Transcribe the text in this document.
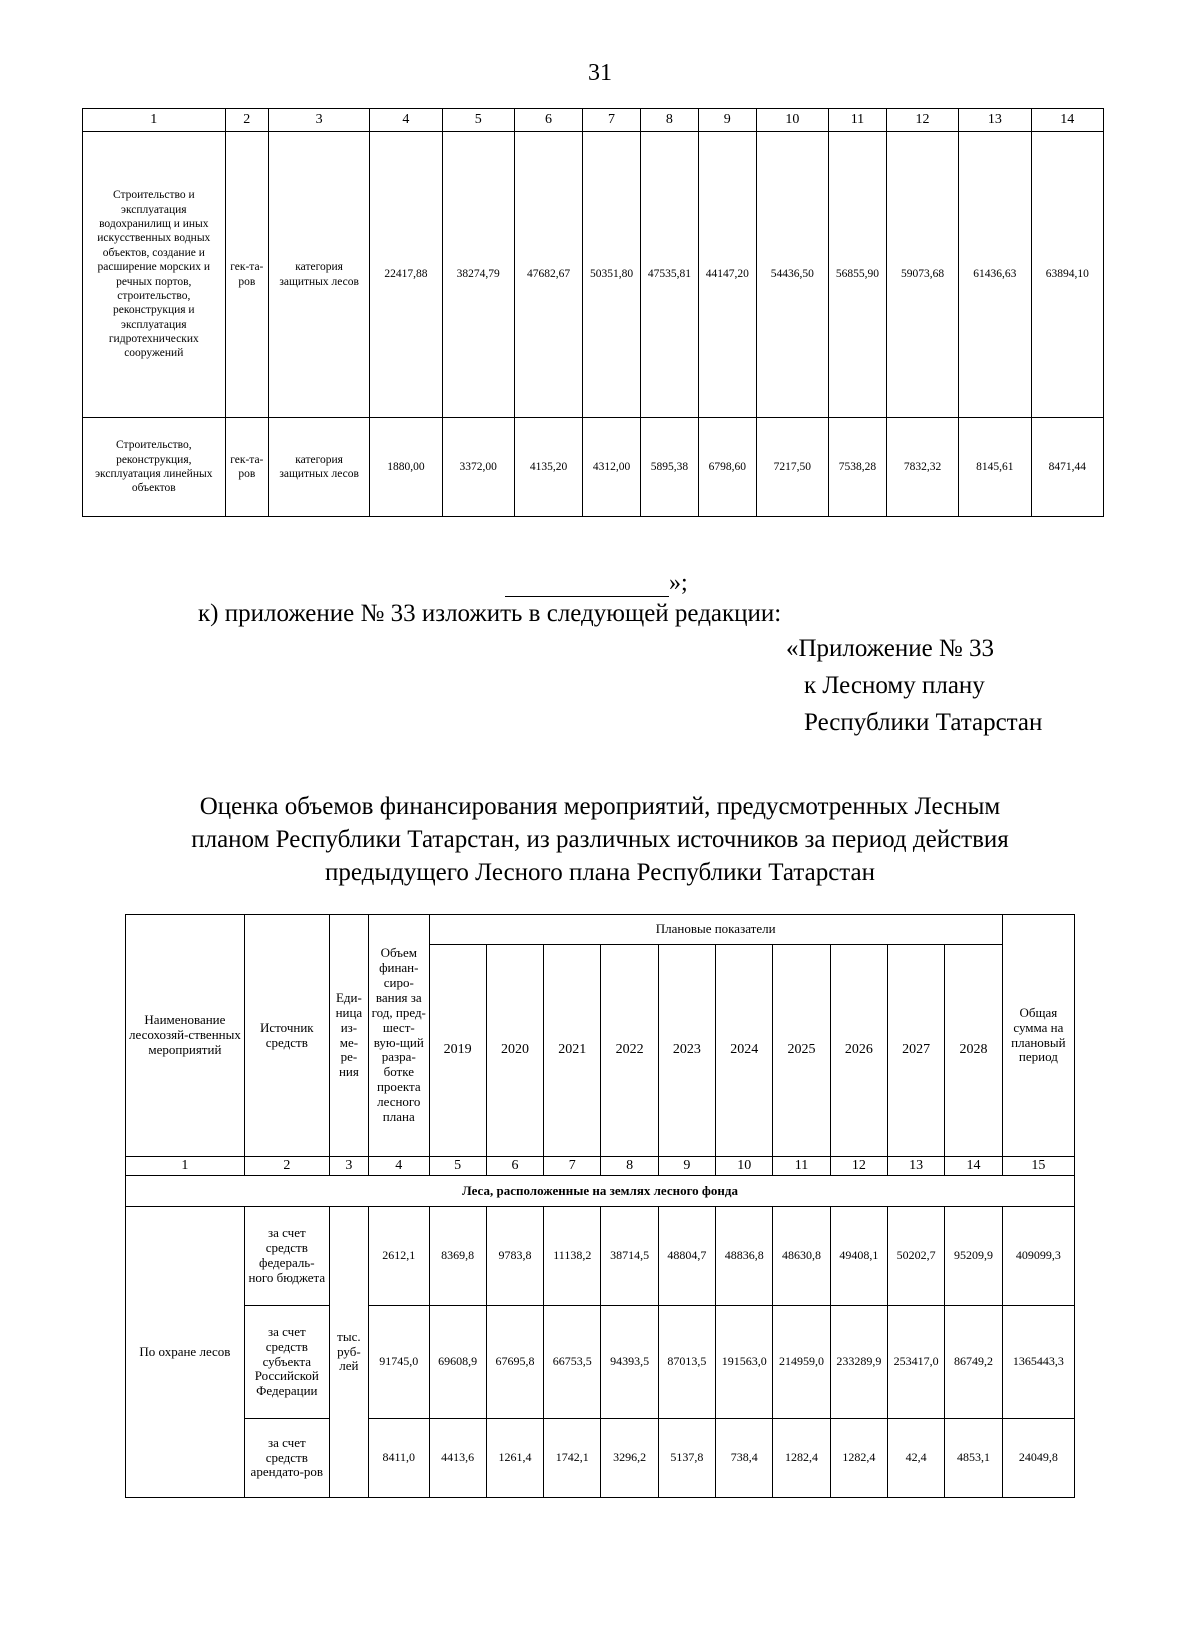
31
1	2	3	4	5	6	7	8	9	10	11	12	13	14
Строительство и эксплуатация водохранилищ и иных искусственных водных объектов, создание и расширение морских и речных портов, строительство, реконструкция и эксплуатация гидротехнических сооружений	гек-та-ров	категория защитных лесов	22417,88	38274,79	47682,67	50351,80	47535,81	44147,20	54436,50	56855,90	59073,68	61436,63	63894,10
Строительство, реконструкция, эксплуатация линейных объектов	гек-та-ров	категория защитных лесов	1880,00	3372,00	4135,20	4312,00	5895,38	6798,60	7217,50	7538,28	7832,32	8145,61	8471,44
»;
к) приложение № 33 изложить в следующей редакции:
«Приложение № 33
к Лесному плану
Республики Татарстан
Оценка объемов финансирования мероприятий, предусмотренных Лесным
планом Республики Татарстан, из различных источников за период действия
предыдущего Лесного плана Республики Татарстан
Наименование лесохозяй-ственных мероприятий	Источник средств	Еди-ница из-ме-ре-ния	Объем финан-сиро-вания за год, пред-шест-вую-щий разра-ботке проекта лесного плана	Плановые показатели										Общая сумма на плановый период
				2019	2020	2021	2022	2023	2024	2025	2026	2027	2028	
1	2	3	4	5	6	7	8	9	10	11	12	13	14	15
Леса, расположенные на землях лесного фонда														
По охране лесов	за счет средств федераль-ного бюджета	тыс. руб-лей	2612,1	8369,8	9783,8	11138,2	38714,5	48804,7	48836,8	48630,8	49408,1	50202,7	95209,9	409099,3
	за счет средств субъекта Российской Федерации		91745,0	69608,9	67695,8	66753,5	94393,5	87013,5	191563,0	214959,0	233289,9	253417,0	86749,2	1365443,3
	за счет средств арендато-ров		8411,0	4413,6	1261,4	1742,1	3296,2	5137,8	738,4	1282,4	1282,4	42,4	4853,1	24049,8
